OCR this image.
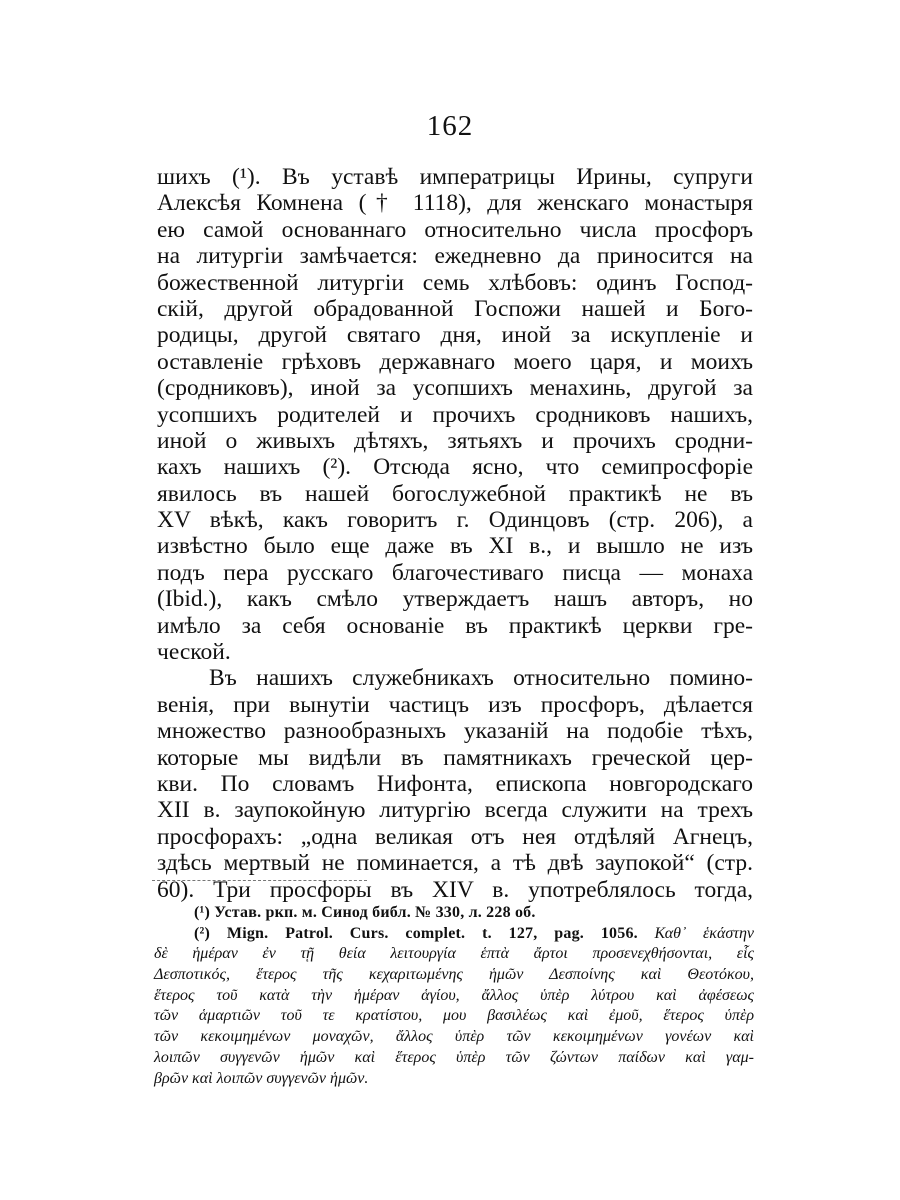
162
шихъ (¹). Въ уставѣ императрицы Ирины, супруги
Алексѣя Комнена († 1118), для женскаго монастыря
ею самой основаннаго относительно числа просфоръ
на литургіи замѣчается: ежедневно да приносится на
божественной литургіи семь хлѣбовъ: одинъ Господ-
скій, другой обрадованной Госпожи нашей и Бого-
родицы, другой святаго дня, иной за искупленіе и
оставленіе грѣховъ державнаго моего царя, и моихъ
(сродниковъ), иной за усопшихъ менахинь, другой за
усопшихъ родителей и прочихъ сродниковъ нашихъ,
иной о живыхъ дѣтяхъ, зятьяхъ и прочихъ сродни-
кахъ нашихъ (²). Отсюда ясно, что семипросфоріе
явилось въ нашей богослужебной практикѣ не въ
XV вѣкѣ, какъ говоритъ г. Одинцовъ (стр. 206), а
извѣстно было еще даже въ XI в., и вышло не изъ
подъ пера русскаго благочестиваго писца — монаха
(Ibid.), какъ смѣло утверждаетъ нашъ авторъ, но
имѣло за себя основаніе въ практикѣ церкви гре-
ческой.
Въ нашихъ служебникахъ относительно помино-
венія, при вынутіи частицъ изъ просфоръ, дѣлается
множество разнообразныхъ указаній на подобіе тѣхъ,
которые мы видѣли въ памятникахъ греческой цер-
кви. По словамъ Нифонта, епископа новгородскаго
XII в. заупокойную литургію всегда служити на трехъ
просфорахъ: „одна великая отъ нея отдѣляй Агнецъ,
здѣсь мертвый не поминается, а тѣ двѣ заупокой“ (стр.
60). Три просфоры въ XIV в. употреблялось тогда,
(¹) Устав. ркп. м. Синод библ. № 330, л. 228 об.
(²) Mign. Patrol. Curs. complet. t. 127, pag. 1056. Καθ᾽ ἑκάστην
δὲ ἡμέραν ἐν τῇ θεία λειτουργία ἑπτὰ ἄρτοι προσενεχθήσονται, εἷς
Δεσποτικός, ἕτερος τῆς κεχαριτωμένης ἡμῶν Δεσποίνης καὶ Θεοτόκου,
ἕτερος τοῦ κατὰ τὴν ἡμέραν ἁγίου, ἄλλος ὑπὲρ λύτρου καὶ ἀφέσεως
τῶν ἁμαρτιῶν τοῦ τε κρατίστου, μου βασιλέως καὶ ἐμοῦ, ἕτερος ὑπὲρ
τῶν κεκοιμημένων μοναχῶν, ἄλλος ὑπὲρ τῶν κεκοιμημένων γονέων καὶ
λοιπῶν συγγενῶν ἡμῶν καὶ ἕτερος ὑπὲρ τῶν ζώντων παίδων καὶ γαμ-
βρῶν καὶ λοιπῶν συγγενῶν ἡμῶν.
